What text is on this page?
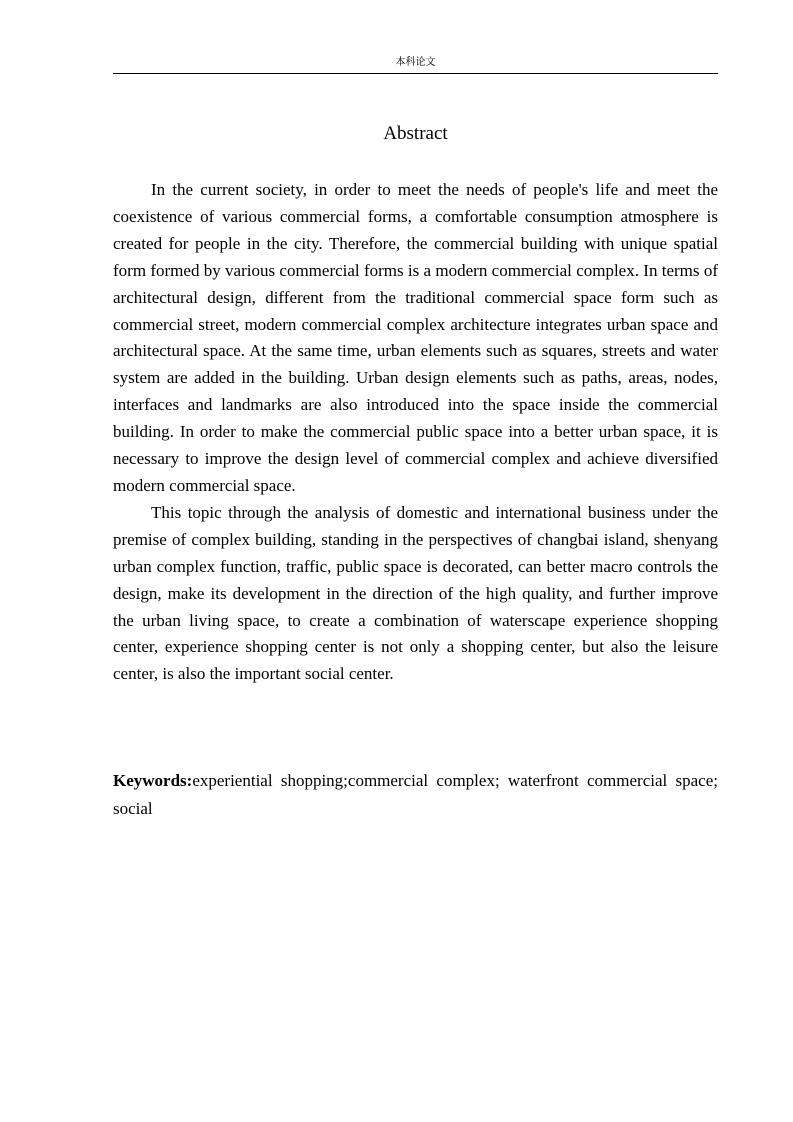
本科论文
Abstract

In the current society, in order to meet the needs of people's life and meet the coexistence of various commercial forms, a comfortable consumption atmosphere is created for people in the city. Therefore, the commercial building with unique spatial form formed by various commercial forms is a modern commercial complex. In terms of architectural design, different from the traditional commercial space form such as commercial street, modern commercial complex architecture integrates urban space and architectural space. At the same time, urban elements such as squares, streets and water system are added in the building. Urban design elements such as paths, areas, nodes, interfaces and landmarks are also introduced into the space inside the commercial building. In order to make the commercial public space into a better urban space, it is necessary to improve the design level of commercial complex and achieve diversified modern commercial space.

This topic through the analysis of domestic and international business under the premise of complex building, standing in the perspectives of changbai island, shenyang urban complex function, traffic, public space is decorated, can better macro controls the design, make its development in the direction of the high quality, and further improve the urban living space, to create a combination of waterscape experience shopping center, experience shopping center is not only a shopping center, but also the leisure center, is also the important social center.

Keywords:experiential shopping;commercial complex; waterfront commercial space; social
